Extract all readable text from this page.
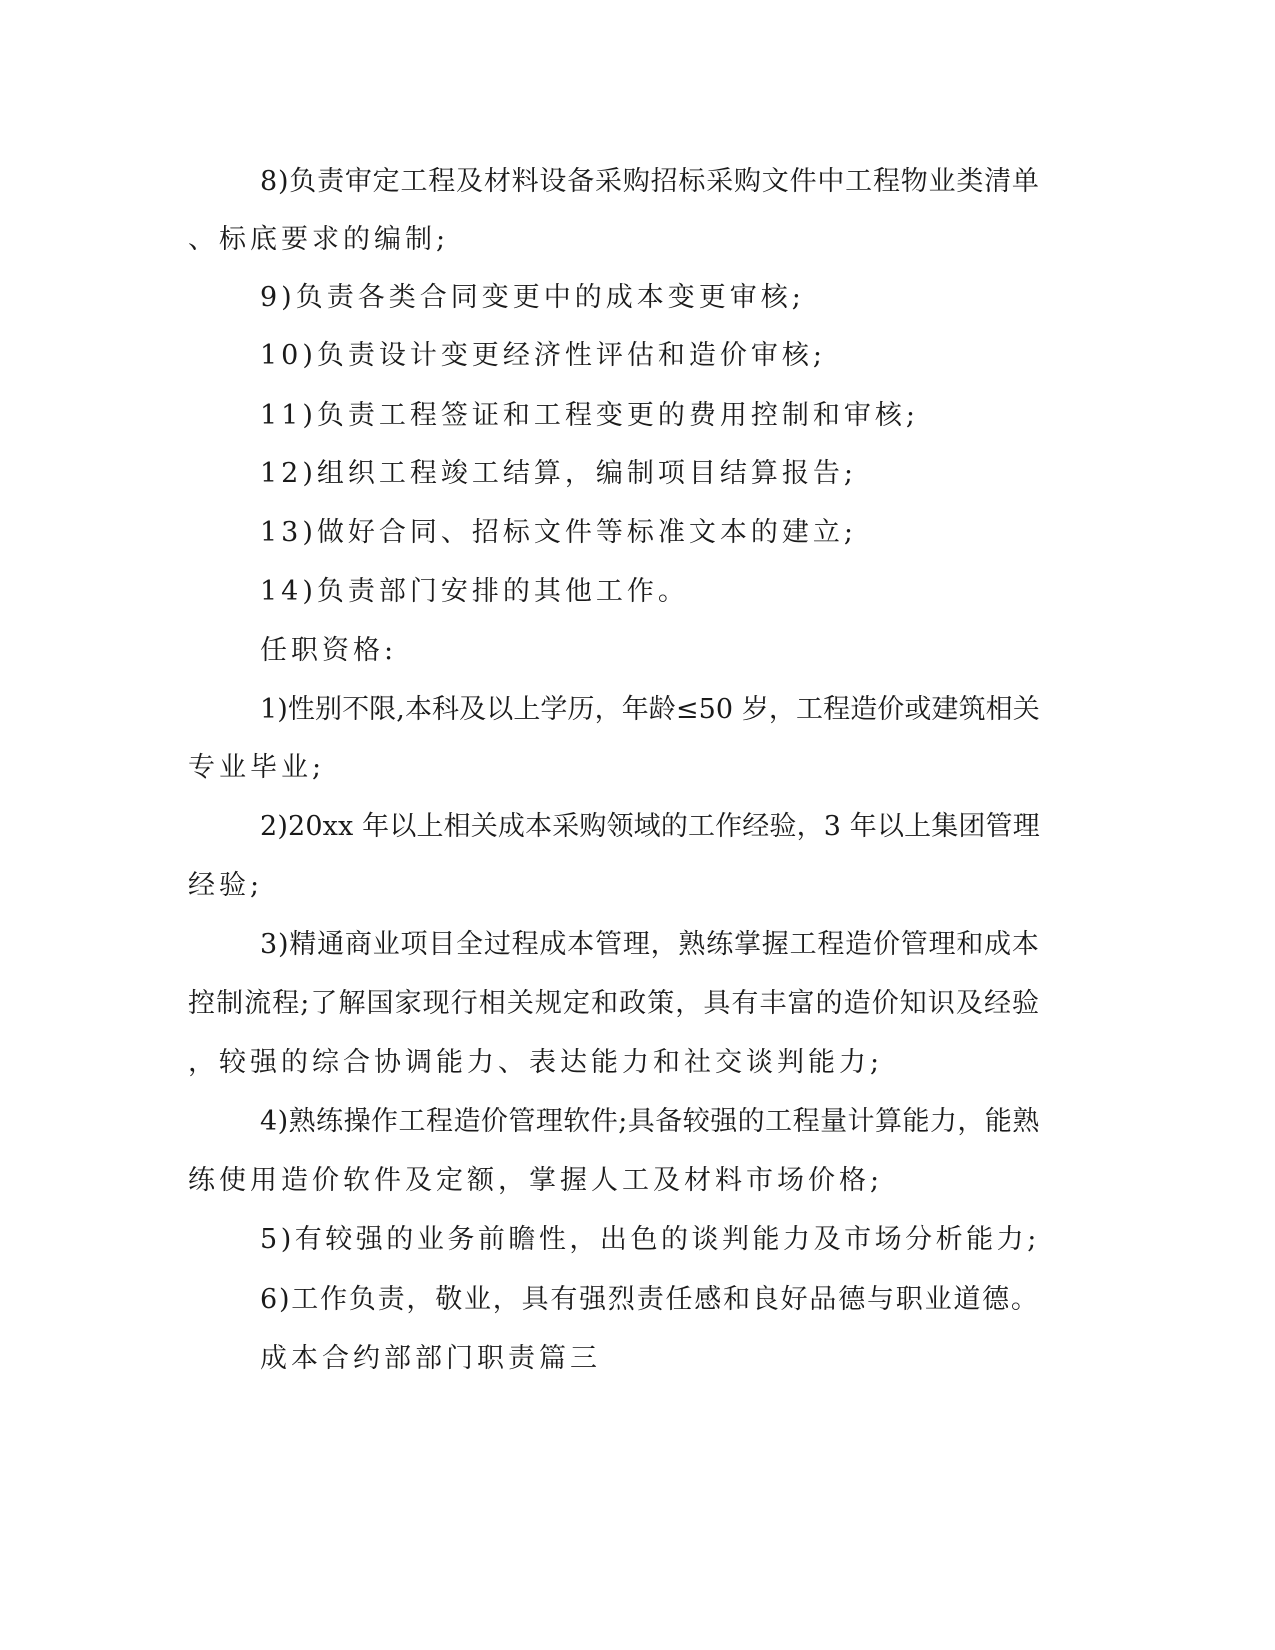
8)负责审定工程及材料设备采购招标采购文件中工程物业类清单
、标底要求的编制;
9)负责各类合同变更中的成本变更审核;
10)负责设计变更经济性评估和造价审核;
11)负责工程签证和工程变更的费用控制和审核;
12)组织工程竣工结算，编制项目结算报告;
13)做好合同、招标文件等标准文本的建立;
14)负责部门安排的其他工作。
任职资格:
1)性别不限,本科及以上学历，年龄≤50 岁，工程造价或建筑相关
专业毕业;
2)20xx 年以上相关成本采购领域的工作经验，3 年以上集团管理
经验;
3)精通商业项目全过程成本管理，熟练掌握工程造价管理和成本
控制流程;了解国家现行相关规定和政策，具有丰富的造价知识及经验
，较强的综合协调能力、表达能力和社交谈判能力;
4)熟练操作工程造价管理软件;具备较强的工程量计算能力，能熟
练使用造价软件及定额，掌握人工及材料市场价格;
5)有较强的业务前瞻性，出色的谈判能力及市场分析能力;
6)工作负责，敬业，具有强烈责任感和良好品德与职业道德。
成本合约部部门职责篇三
